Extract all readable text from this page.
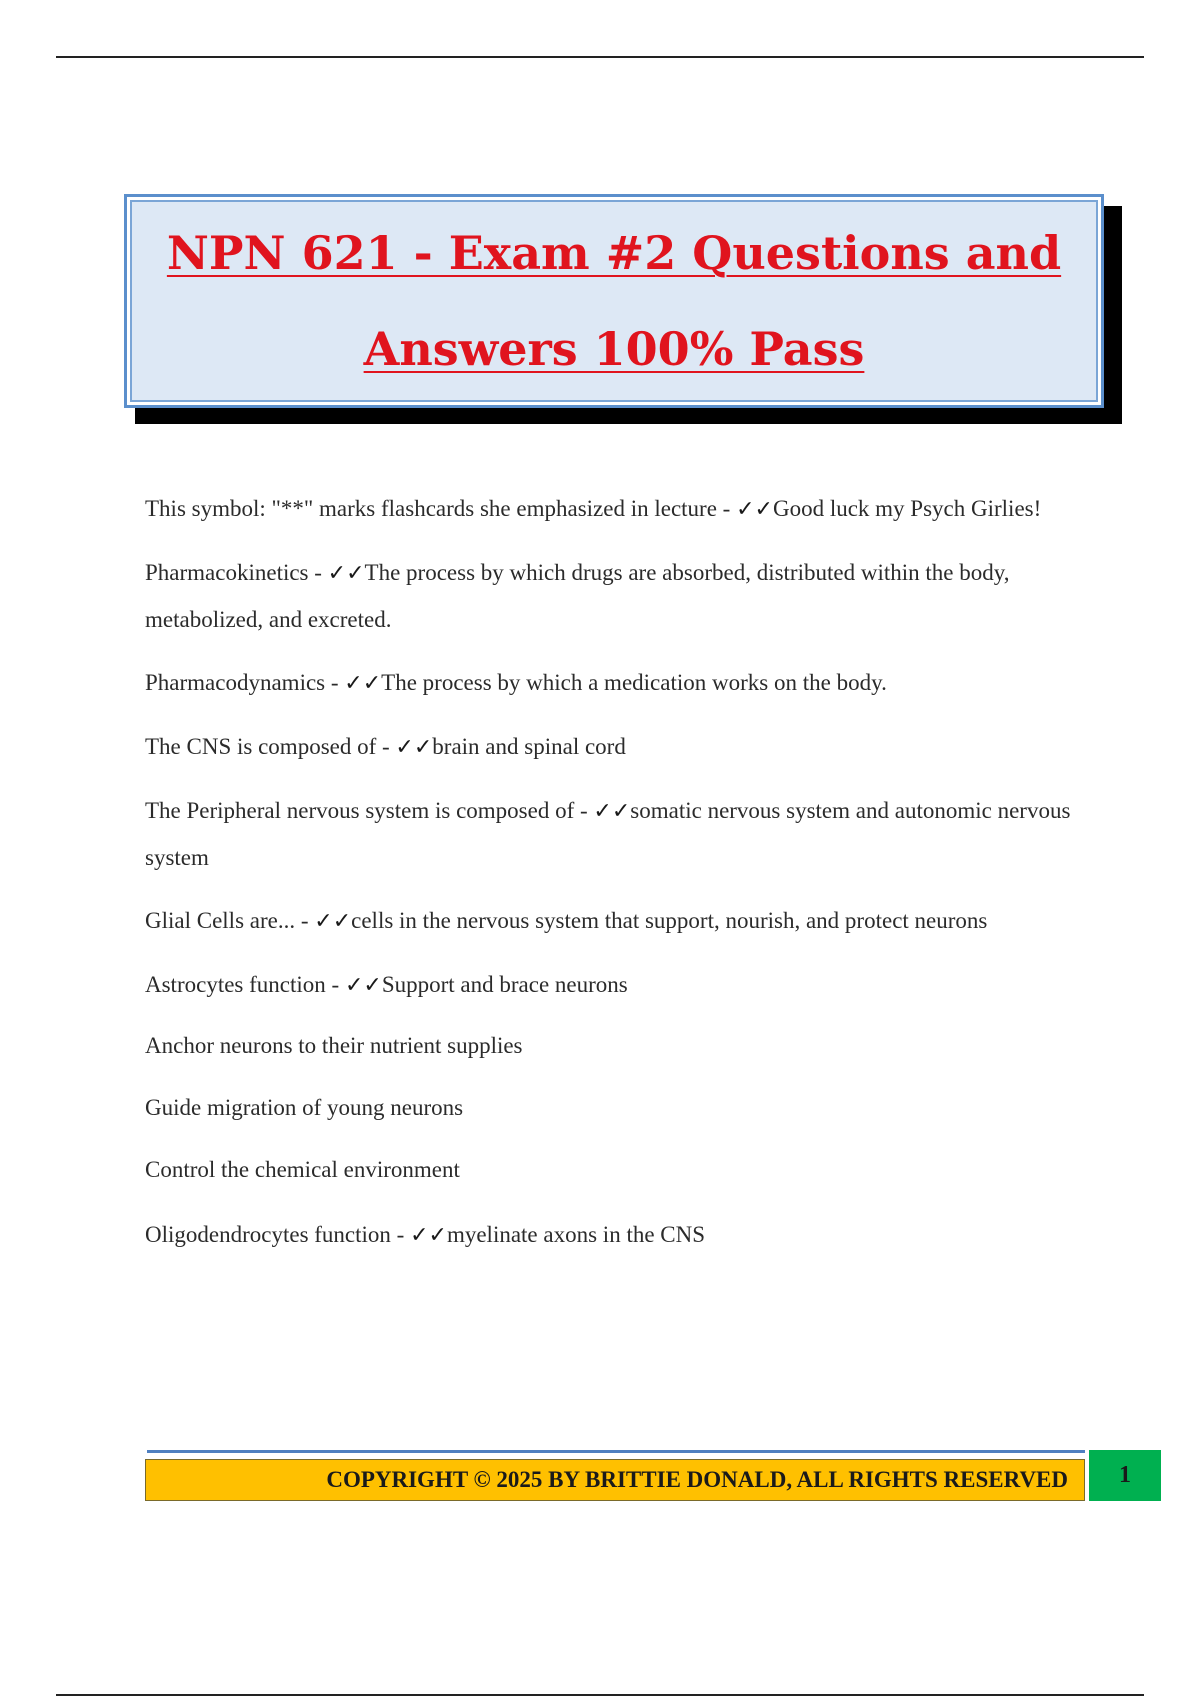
NPN 621 - Exam #2 Questions and
Answers 100% Pass

This symbol: "**" marks flashcards she emphasized in lecture - ✓✓Good luck my Psych Girlies!

Pharmacokinetics - ✓✓The process by which drugs are absorbed, distributed within the body, metabolized, and excreted.

Pharmacodynamics - ✓✓The process by which a medication works on the body.

The CNS is composed of - ✓✓brain and spinal cord

The Peripheral nervous system is composed of - ✓✓somatic nervous system and autonomic nervous system

Glial Cells are... - ✓✓cells in the nervous system that support, nourish, and protect neurons

Astrocytes function - ✓✓Support and brace neurons

Anchor neurons to their nutrient supplies

Guide migration of young neurons

Control the chemical environment

Oligodendrocytes function - ✓✓myelinate axons in the CNS

COPYRIGHT © 2025 BY BRITTIE DONALD, ALL RIGHTS RESERVED 1
